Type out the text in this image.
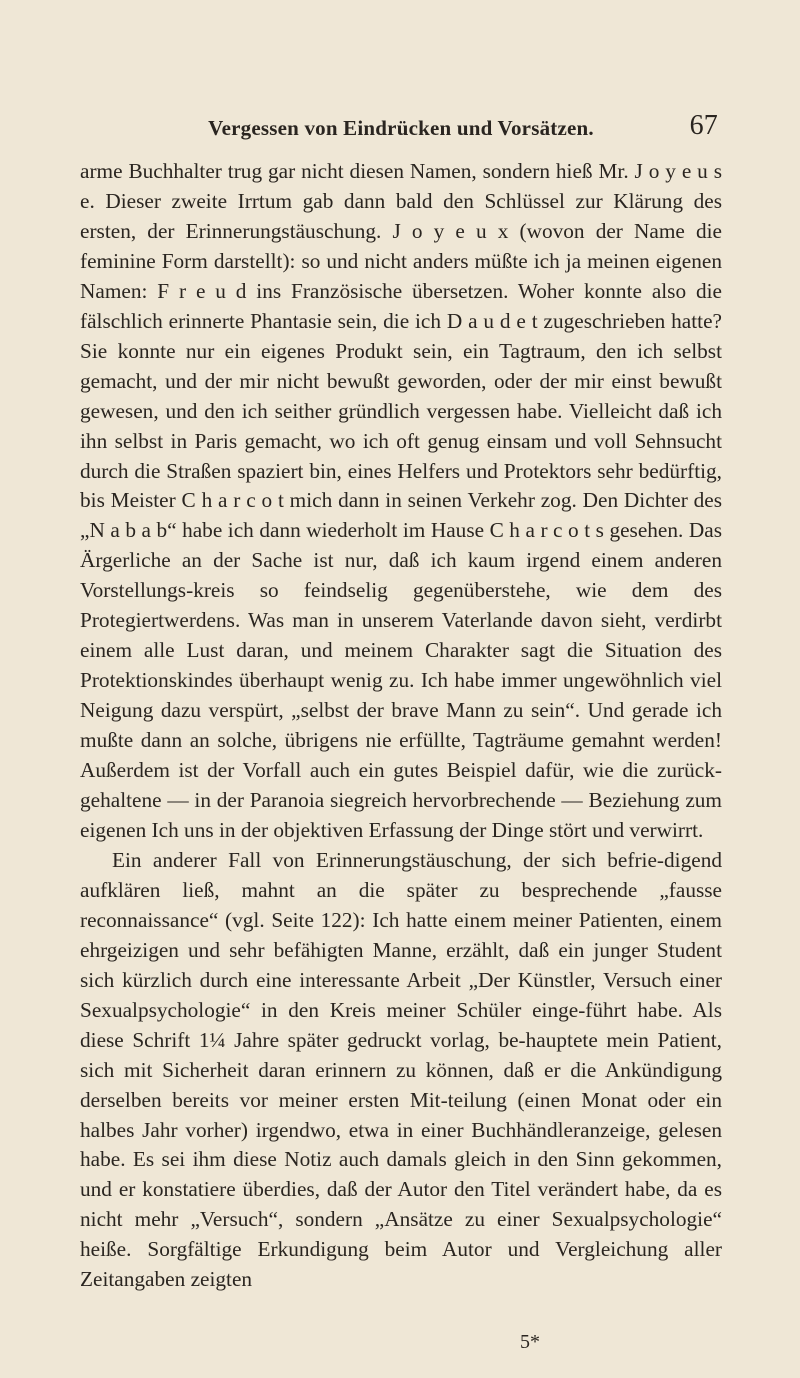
Vergessen von Eindrücken und Vorsätzen.	67

arme Buchhalter trug gar nicht diesen Namen, sondern hieß Mr. J o y e u s e. Dieser zweite Irrtum gab dann bald den Schlüssel zur Klärung des ersten, der Erinnerungstäuschung. J o y e u x (wovon der Name die feminine Form darstellt): so und nicht anders müßte ich ja meinen eigenen Namen: F r e u d ins Französische übersetzen. Woher konnte also die fälschlich erinnerte Phantasie sein, die ich D a u d e t zugeschrieben hatte? Sie konnte nur ein eigenes Produkt sein, ein Tagtraum, den ich selbst gemacht, und der mir nicht bewußt geworden, oder der mir einst bewußt gewesen, und den ich seither gründlich vergessen habe. Vielleicht daß ich ihn selbst in Paris gemacht, wo ich oft genug einsam und voll Sehnsucht durch die Straßen spaziert bin, eines Helfers und Protektors sehr bedürftig, bis Meister C h a r c o t mich dann in seinen Verkehr zog. Den Dichter des „N a b a b“ habe ich dann wiederholt im Hause C h a r c o t s gesehen. Das Ärgerliche an der Sache ist nur, daß ich kaum irgend einem anderen Vorstellungs-kreis so feindselig gegenüberstehe, wie dem des Protegiertwerdens. Was man in unserem Vaterlande davon sieht, verdirbt einem alle Lust daran, und meinem Charakter sagt die Situation des Protektionskindes überhaupt wenig zu. Ich habe immer ungewöhnlich viel Neigung dazu verspürt, „selbst der brave Mann zu sein“. Und gerade ich mußte dann an solche, übrigens nie erfüllte, Tagträume gemahnt werden! Außerdem ist der Vorfall auch ein gutes Beispiel dafür, wie die zurück-gehaltene — in der Paranoia siegreich hervorbrechende — Beziehung zum eigenen Ich uns in der objektiven Erfassung der Dinge stört und verwirrt.

Ein anderer Fall von Erinnerungstäuschung, der sich befrie-digend aufklären ließ, mahnt an die später zu besprechende „fausse reconnaissance“ (vgl. Seite 122): Ich hatte einem meiner Patienten, einem ehrgeizigen und sehr befähigten Manne, erzählt, daß ein junger Student sich kürzlich durch eine interessante Arbeit „Der Künstler, Versuch einer Sexualpsychologie“ in den Kreis meiner Schüler einge-führt habe. Als diese Schrift 1¼ Jahre später gedruckt vorlag, be-hauptete mein Patient, sich mit Sicherheit daran erinnern zu können, daß er die Ankündigung derselben bereits vor meiner ersten Mit-teilung (einen Monat oder ein halbes Jahr vorher) irgendwo, etwa in einer Buchhändleranzeige, gelesen habe. Es sei ihm diese Notiz auch damals gleich in den Sinn gekommen, und er konstatiere überdies, daß der Autor den Titel verändert habe, da es nicht mehr „Versuch“, sondern „Ansätze zu einer Sexualpsychologie“ heiße. Sorgfältige Erkundigung beim Autor und Vergleichung aller Zeitangaben zeigten

5*
